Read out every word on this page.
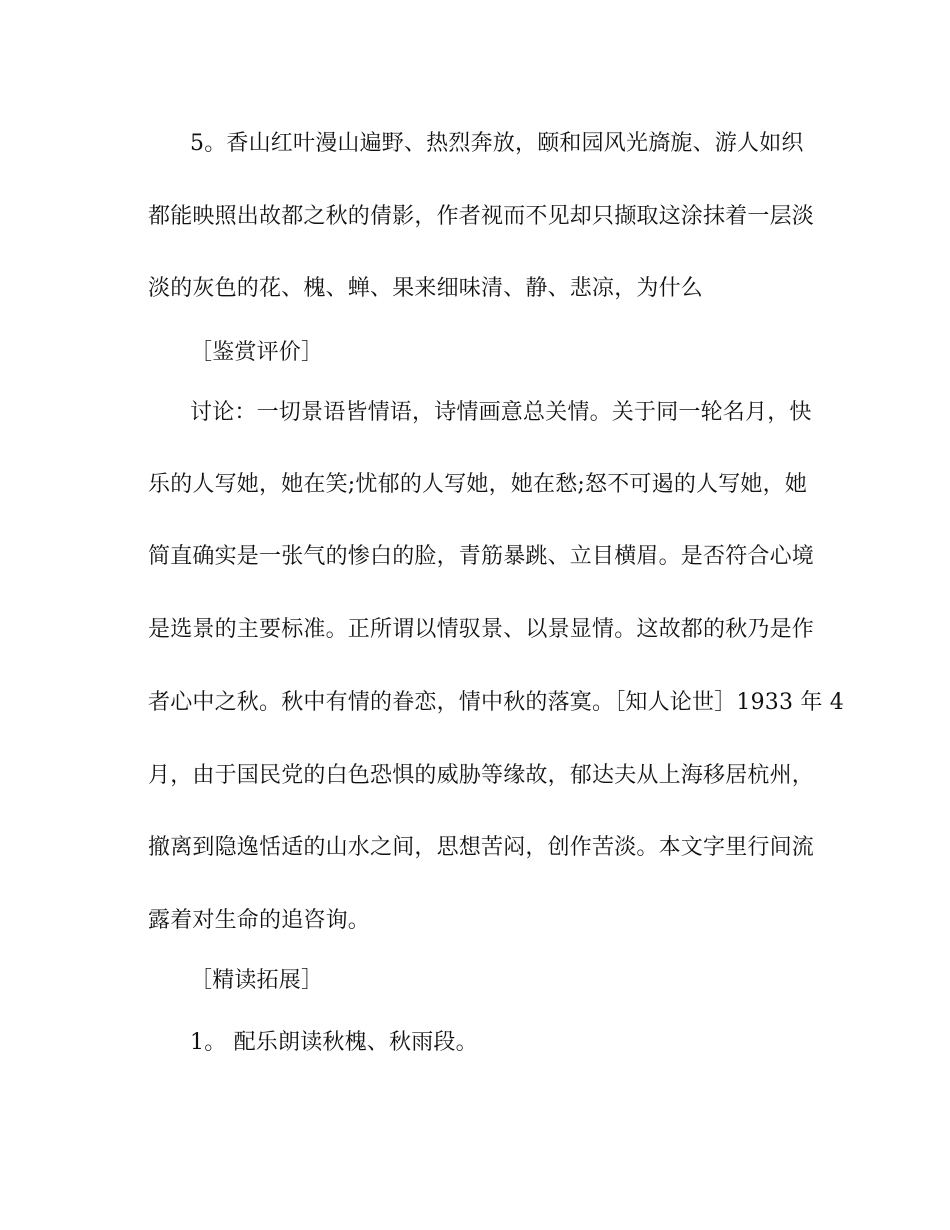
5。香山红叶漫山遍野、热烈奔放，颐和园风光旖旎、游人如织
都能映照出故都之秋的倩影，作者视而不见却只撷取这涂抹着一层淡
淡的灰色的花、槐、蝉、果来细味清、静、悲凉，为什么
［鉴赏评价］
讨论：一切景语皆情语，诗情画意总关情。关于同一轮名月，快
乐的人写她，她在笑;忧郁的人写她，她在愁;怒不可遏的人写她，她
简直确实是一张气的惨白的脸，青筋暴跳、立目横眉。是否符合心境
是选景的主要标准。正所谓以情驭景、以景显情。这故都的秋乃是作
者心中之秋。秋中有情的眷恋，情中秋的落寞。［知人论世］1933 年 4
月，由于国民党的白色恐惧的威胁等缘故，郁达夫从上海移居杭州，
撤离到隐逸恬适的山水之间，思想苦闷，创作苦淡。本文字里行间流
露着对生命的追咨询。
［精读拓展］
1。 配乐朗读秋槐、秋雨段。
